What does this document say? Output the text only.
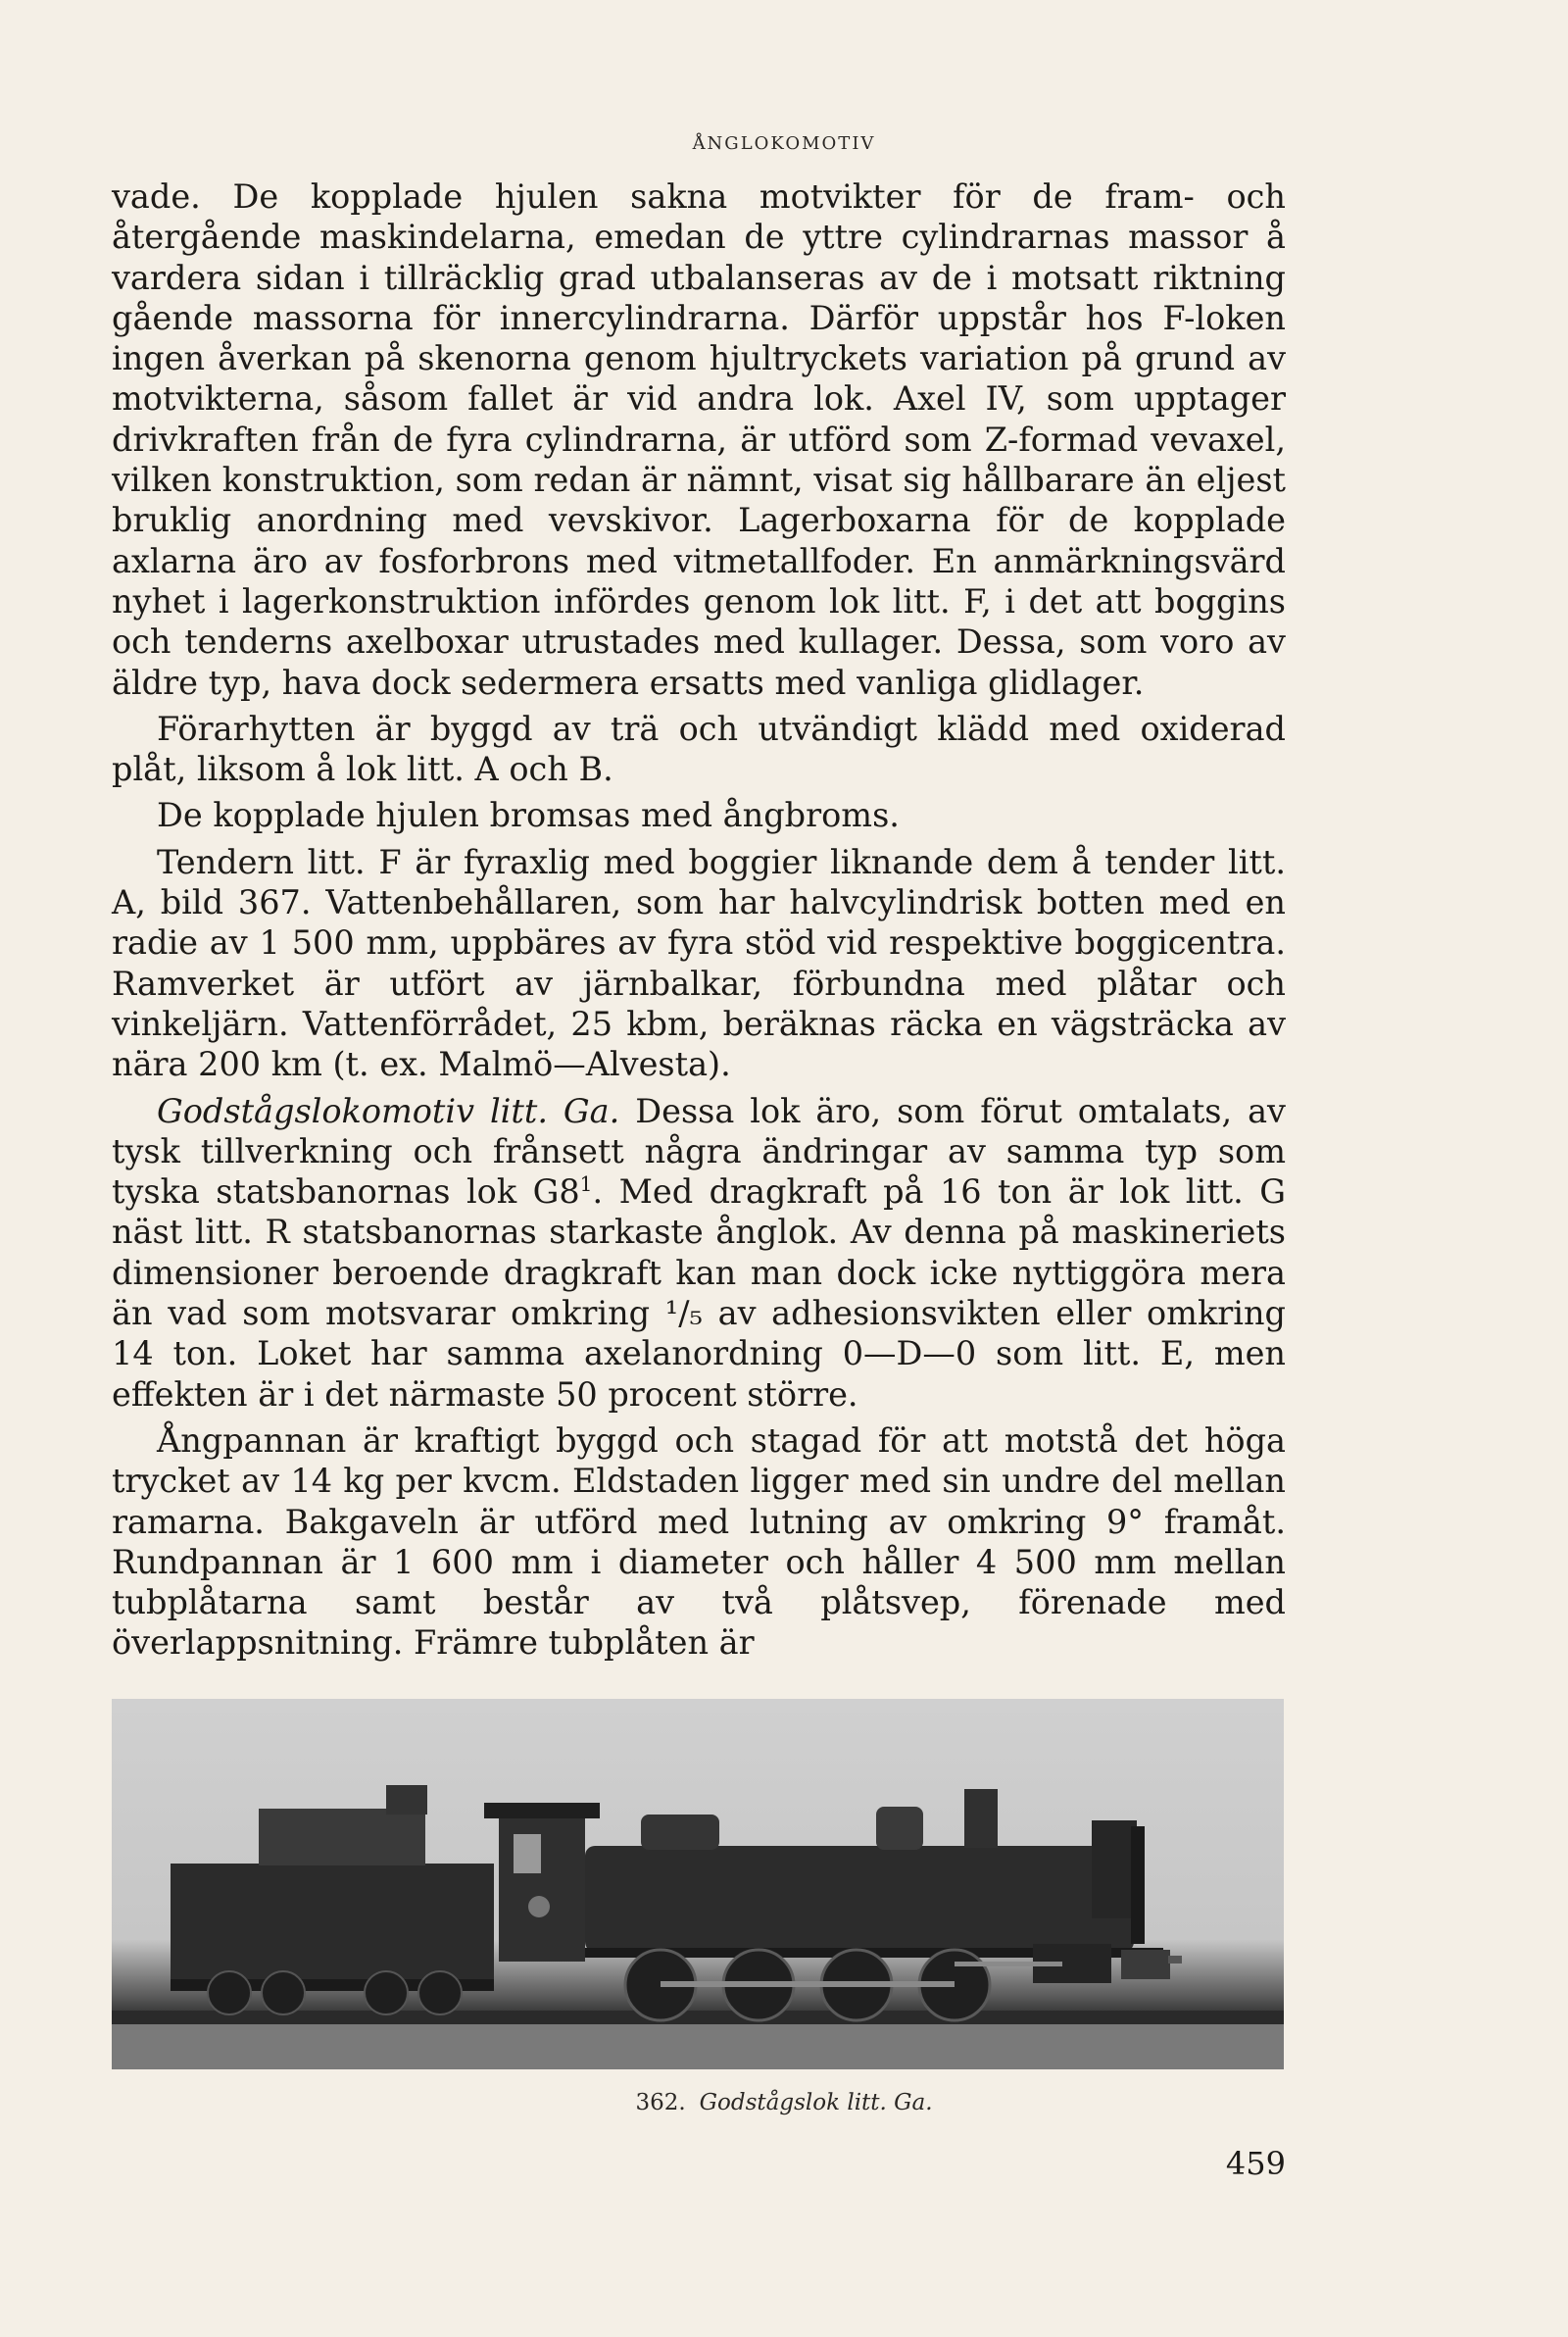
ÅNGLOKOMOTIV

vade. De kopplade hjulen sakna motvikter för de fram- och återgående maskindelarna, emedan de yttre cylindrarnas massor å vardera sidan i tillräcklig grad utbalanseras av de i motsatt riktning gående massorna för innercylindrarna. Därför uppstår hos F-loken ingen åverkan på skenorna genom hjultryckets variation på grund av motvikterna, såsom fallet är vid andra lok. Axel IV, som upptager drivkraften från de fyra cylindrarna, är utförd som Z-formad vevaxel, vilken konstruktion, som redan är nämnt, visat sig hållbarare än eljest bruklig anordning med vevskivor. Lagerboxarna för de kopplade axlarna äro av fosforbrons med vitmetallfoder. En anmärkningsvärd nyhet i lagerkonstruktion infördes genom lok litt. F, i det att boggins och tenderns axelboxar utrustades med kullager. Dessa, som voro av äldre typ, hava dock sedermera ersatts med vanliga glidlager.

Förarhytten är byggd av trä och utvändigt klädd med oxiderad plåt, liksom å lok litt. A och B.

De kopplade hjulen bromsas med ångbroms.

Tendern litt. F är fyraxlig med boggier liknande dem å tender litt. A, bild 367. Vattenbehållaren, som har halvcylindrisk botten med en radie av 1 500 mm, uppbäres av fyra stöd vid respektive boggicentra. Ramverket är utfört av järnbalkar, förbundna med plåtar och vinkeljärn. Vattenförrådet, 25 kbm, beräknas räcka en vägsträcka av nära 200 km (t. ex. Malmö—Alvesta).

Godstågslokomotiv litt. Ga. Dessa lok äro, som förut omtalats, av tysk tillverkning och frånsett några ändringar av samma typ som tyska statsbanornas lok $G8^1$. Med dragkraft på 16 ton är lok litt. G näst litt. R statsbanornas starkaste ånglok. Av denna på maskineriets dimensioner beroende dragkraft kan man dock icke nyttiggöra mera än vad som motsvarar omkring ¹/₅ av adhesionsvikten eller omkring 14 ton. Loket har samma axelanordning 0—D—0 som litt. E, men effekten är i det närmaste 50 procent större.

Ångpannan är kraftigt byggd och stagad för att motstå det höga trycket av 14 kg per kvcm. Eldstaden ligger med sin undre del mellan ramarna. Bakgaveln är utförd med lutning av omkring 9° framåt. Rundpannan är 1 600 mm i diameter och håller 4 500 mm mellan tubplåtarna samt består av två plåtsvep, förenade med överlappsnitning. Främre tubplåten är

362. Godstågslok litt. Ga.
459
